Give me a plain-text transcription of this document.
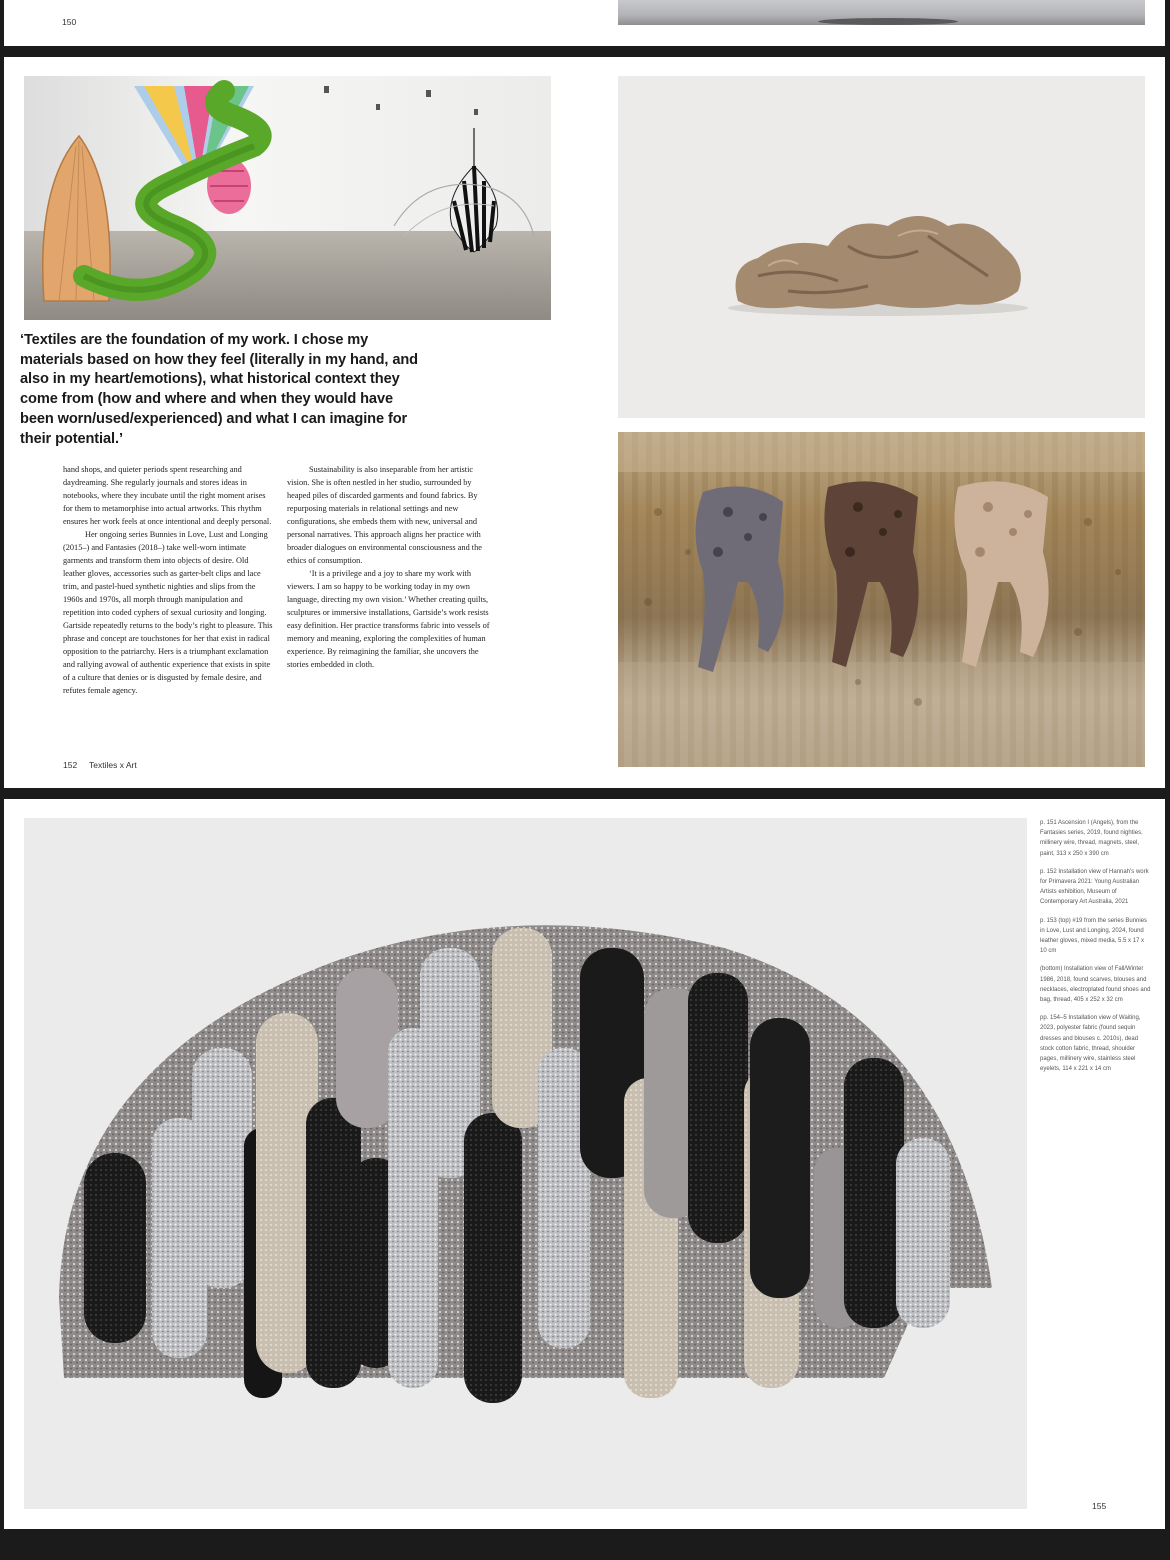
150

‘Textiles are the foundation of my work. I chose my materials based on how they feel (literally in my hand, and also in my heart/emotions), what historical context they come from (how and where and when they would have been worn/used/experienced) and what I can imagine for their potential.’

hand shops, and quieter periods spent researching and daydreaming. She regularly journals and stores ideas in notebooks, where they incubate until the right moment arises for them to metamorphise into actual artworks. This rhythm ensures her work feels at once intentional and deeply personal.

Her ongoing series Bunnies in Love, Lust and Longing (2015–) and Fantasies (2018–) take well-worn intimate garments and transform them into objects of desire. Old leather gloves, accessories such as garter-belt clips and lace trim, and pastel-hued synthetic nighties and slips from the 1960s and 1970s, all morph through manipulation and repetition into coded cyphers of sexual curiosity and longing. Gartside repeatedly returns to the body’s right to pleasure. This phrase and concept are touchstones for her that exist in radical opposition to the patriarchy. Hers is a triumphant exclamation and rallying avowal of authentic experience that exists in spite of a culture that denies or is disgusted by female desire, and refutes female agency.

Sustainability is also inseparable from her artistic vision. She is often nestled in her studio, surrounded by heaped piles of discarded garments and found fabrics. By repurposing materials in relational settings and new configurations, she embeds them with new, universal and personal narratives. This approach aligns her practice with broader dialogues on environmental consciousness and the ethics of consumption.

‘It is a privilege and a joy to share my work with viewers. I am so happy to be working today in my own language, directing my own vision.’ Whether creating quilts, sculptures or immersive installations, Gartside’s work resists easy definition. Her practice transforms fabric into vessels of memory and meaning, exploring the complexities of human experience. By reimagining the familiar, she uncovers the stories embedded in cloth.

152 Textiles x Art

p. 151 Ascension I (Angels), from the Fantasies series, 2019, found nighties, millinery wire, thread, magnets, steel, paint, 313 x 250 x 390 cm

p. 152 Installation view of Hannah’s work for Primavera 2021: Young Australian Artists exhibition, Museum of Contemporary Art Australia, 2021

p. 153 (top) #19 from the series Bunnies in Love, Lust and Longing, 2024, found leather gloves, mixed media, 5.5 x 17 x 10 cm

(bottom) Installation view of Fall/Winter 1986, 2018, found scarves, blouses and necklaces, electroplated found shoes and bag, thread, 405 x 252 x 32 cm

pp. 154–5 Installation view of Waiting, 2023, polyester fabric (found sequin dresses and blouses c. 2010s), dead stock cotton fabric, thread, shoulder pages, millinery wire, stainless steel eyelets, 114 x 221 x 14 cm

155
